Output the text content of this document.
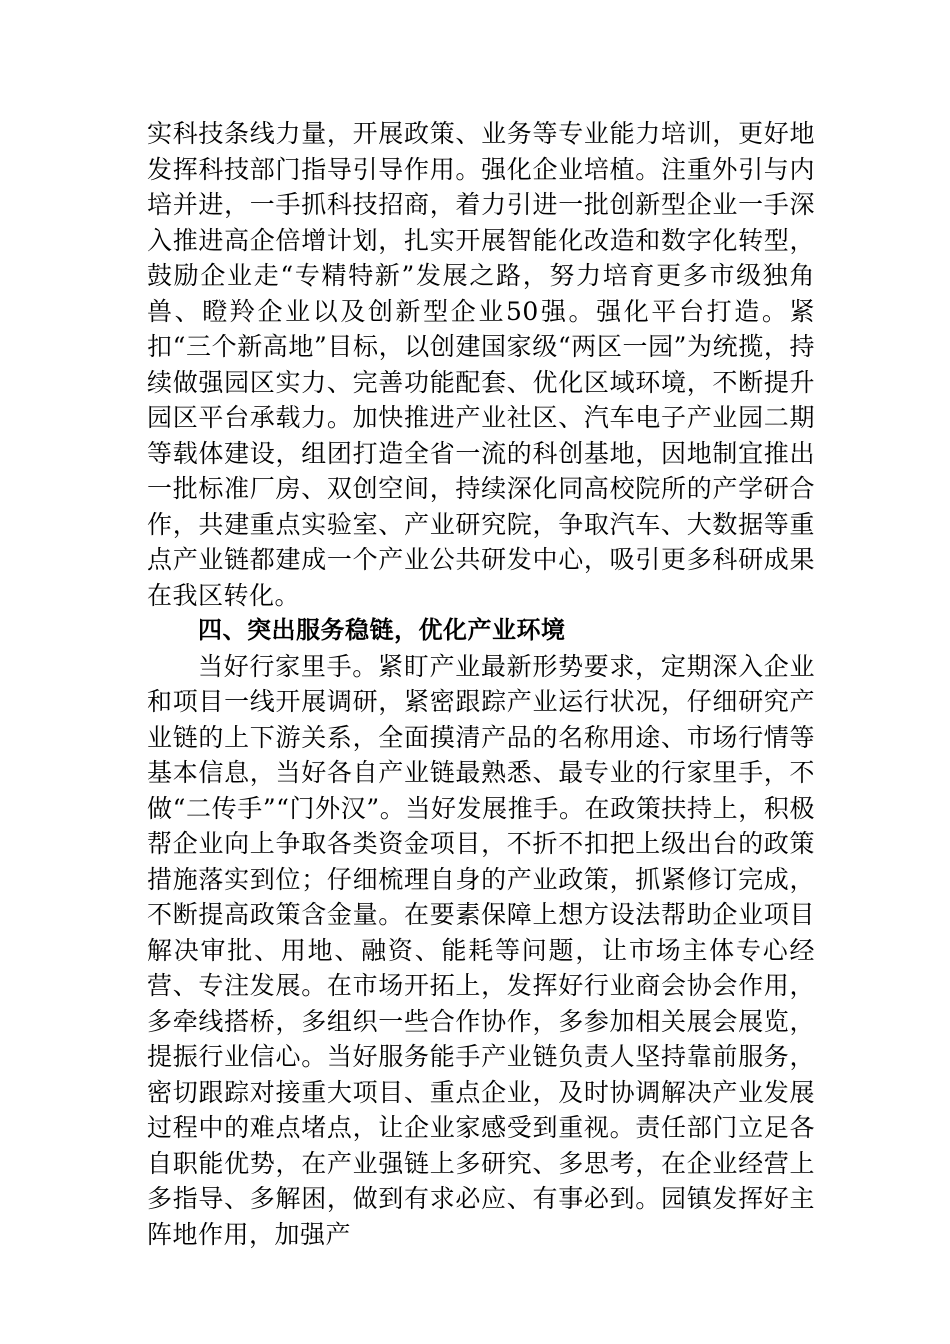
实科技条线力量，开展政策、业务等专业能力培训，更好地发挥科技部门指导引导作用。强化企业培植。注重外引与内培并进，一手抓科技招商，着力引进一批创新型企业一手深入推进高企倍增计划，扎实开展智能化改造和数字化转型，鼓励企业走“专精特新”发展之路，努力培育更多市级独角兽、瞪羚企业以及创新型企业50强。强化平台打造。紧扣“三个新高地”目标，以创建国家级“两区一园”为统揽，持续做强园区实力、完善功能配套、优化区域环境，不断提升园区平台承载力。加快推进产业社区、汽车电子产业园二期等载体建设，组团打造全省一流的科创基地，因地制宜推出一批标准厂房、双创空间，持续深化同高校院所的产学研合作，共建重点实验室、产业研究院，争取汽车、大数据等重点产业链都建成一个产业公共研发中心，吸引更多科研成果在我区转化。

四、突出服务稳链，优化产业环境

当好行家里手。紧盯产业最新形势要求，定期深入企业和项目一线开展调研，紧密跟踪产业运行状况，仔细研究产业链的上下游关系，全面摸清产品的名称用途、市场行情等基本信息，当好各自产业链最熟悉、最专业的行家里手，不做“二传手”“门外汉”。当好发展推手。在政策扶持上，积极帮企业向上争取各类资金项目，不折不扣把上级出台的政策措施落实到位；仔细梳理自身的产业政策，抓紧修订完成，不断提高政策含金量。在要素保障上想方设法帮助企业项目解决审批、用地、融资、能耗等问题，让市场主体专心经营、专注发展。在市场开拓上，发挥好行业商会协会作用，多牵线搭桥，多组织一些合作协作，多参加相关展会展览，提振行业信心。当好服务能手产业链负责人坚持靠前服务，密切跟踪对接重大项目、重点企业，及时协调解决产业发展过程中的难点堵点，让企业家感受到重视。责任部门立足各自职能优势，在产业强链上多研究、多思考，在企业经营上多指导、多解困，做到有求必应、有事必到。园镇发挥好主阵地作用，加强产
